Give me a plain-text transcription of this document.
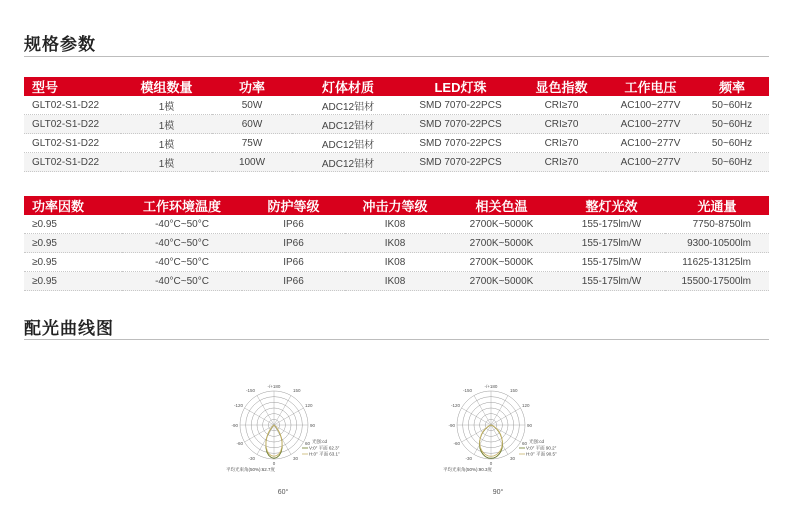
规格参数
型号	模组数量	功率	灯体材质	LED灯珠	显色指数	工作电压	频率
GLT02-S1-D22	1模	50W	ADC12铝材	SMD 7070-22PCS	CRI≥70	AC100~277V	50~60Hz
GLT02-S1-D22	1模	60W	ADC12铝材	SMD 7070-22PCS	CRI≥70	AC100~277V	50~60Hz
GLT02-S1-D22	1模	75W	ADC12铝材	SMD 7070-22PCS	CRI≥70	AC100~277V	50~60Hz
GLT02-S1-D22	1模	100W	ADC12铝材	SMD 7070-22PCS	CRI≥70	AC100~277V	50~60Hz
功率因数	工作环境温度	防护等级	冲击力等级	相关色温	整灯光效	光通量
≥0.95	-40°C~50°C	IP66	IK08	2700K~5000K	155-175lm/W	7750-8750lm
≥0.95	-40°C~50°C	IP66	IK08	2700K~5000K	155-175lm/W	9300-10500lm
≥0.95	-40°C~50°C	IP66	IK08	2700K~5000K	155-175lm/W	11625-13125lm
≥0.95	-40°C~50°C	IP66	IK08	2700K~5000K	155-175lm/W	15500-17500lm
配光曲线图
-/+180
-150	150
-120	120
-90	90
-60	60
-30	30
0
光强:cd
V:0° 平面 62.3°
H:0° 平面 63.1°
平均光束角(50%):62.7度
60°
-/+180
-150	150
-120	120
-90	90
-60	60
-30	30
0
光强:cd
V:0° 平面 90.2°
H:0° 平面 90.5°
平均光束角(50%):90.3度
90°
